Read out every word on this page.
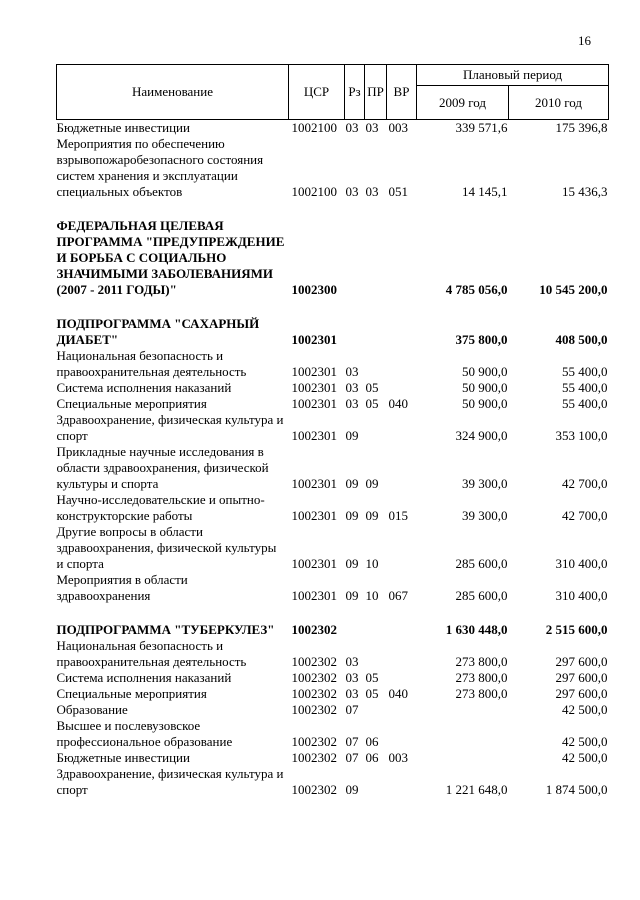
16
Наименование	ЦСР	Рз	ПР	ВР	Плановый период	
					2009 год	2010 год
Бюджетные инвестиции	1002100	03	03	003	339 571,6	175 396,8
Мероприятия по обеспечению взрывопожаробезопасного состояния систем хранения и эксплуатации специальных объектов	1002100	03	03	051	14 145,1	15 436,3
ФЕДЕРАЛЬНАЯ ЦЕЛЕВАЯ ПРОГРАММА "ПРЕДУПРЕЖДЕНИЕ И БОРЬБА С СОЦИАЛЬНО ЗНАЧИМЫМИ ЗАБОЛЕВАНИЯМИ (2007 - 2011 ГОДЫ)"	1002300				4 785 056,0	10 545 200,0
ПОДПРОГРАММА "САХАРНЫЙ ДИАБЕТ"	1002301				375 800,0	408 500,0
Национальная безопасность и правоохранительная деятельность	1002301	03			50 900,0	55 400,0
Система исполнения наказаний	1002301	03	05		50 900,0	55 400,0
Специальные мероприятия	1002301	03	05	040	50 900,0	55 400,0
Здравоохранение, физическая культура и спорт	1002301	09			324 900,0	353 100,0
Прикладные научные исследования в области здравоохранения, физической культуры и спорта	1002301	09	09		39 300,0	42 700,0
Научно-исследовательские и опытно-конструкторские работы	1002301	09	09	015	39 300,0	42 700,0
Другие вопросы в области здравоохранения, физической культуры и спорта	1002301	09	10		285 600,0	310 400,0
Мероприятия в области здравоохранения	1002301	09	10	067	285 600,0	310 400,0
ПОДПРОГРАММА "ТУБЕРКУЛЕЗ"	1002302				1 630 448,0	2 515 600,0
Национальная безопасность и правоохранительная деятельность	1002302	03			273 800,0	297 600,0
Система исполнения наказаний	1002302	03	05		273 800,0	297 600,0
Специальные мероприятия	1002302	03	05	040	273 800,0	297 600,0
Образование	1002302	07				42 500,0
Высшее и послевузовское профессиональное образование	1002302	07	06			42 500,0
Бюджетные инвестиции	1002302	07	06	003		42 500,0
Здравоохранение, физическая культура и спорт	1002302	09			1 221 648,0	1 874 500,0
